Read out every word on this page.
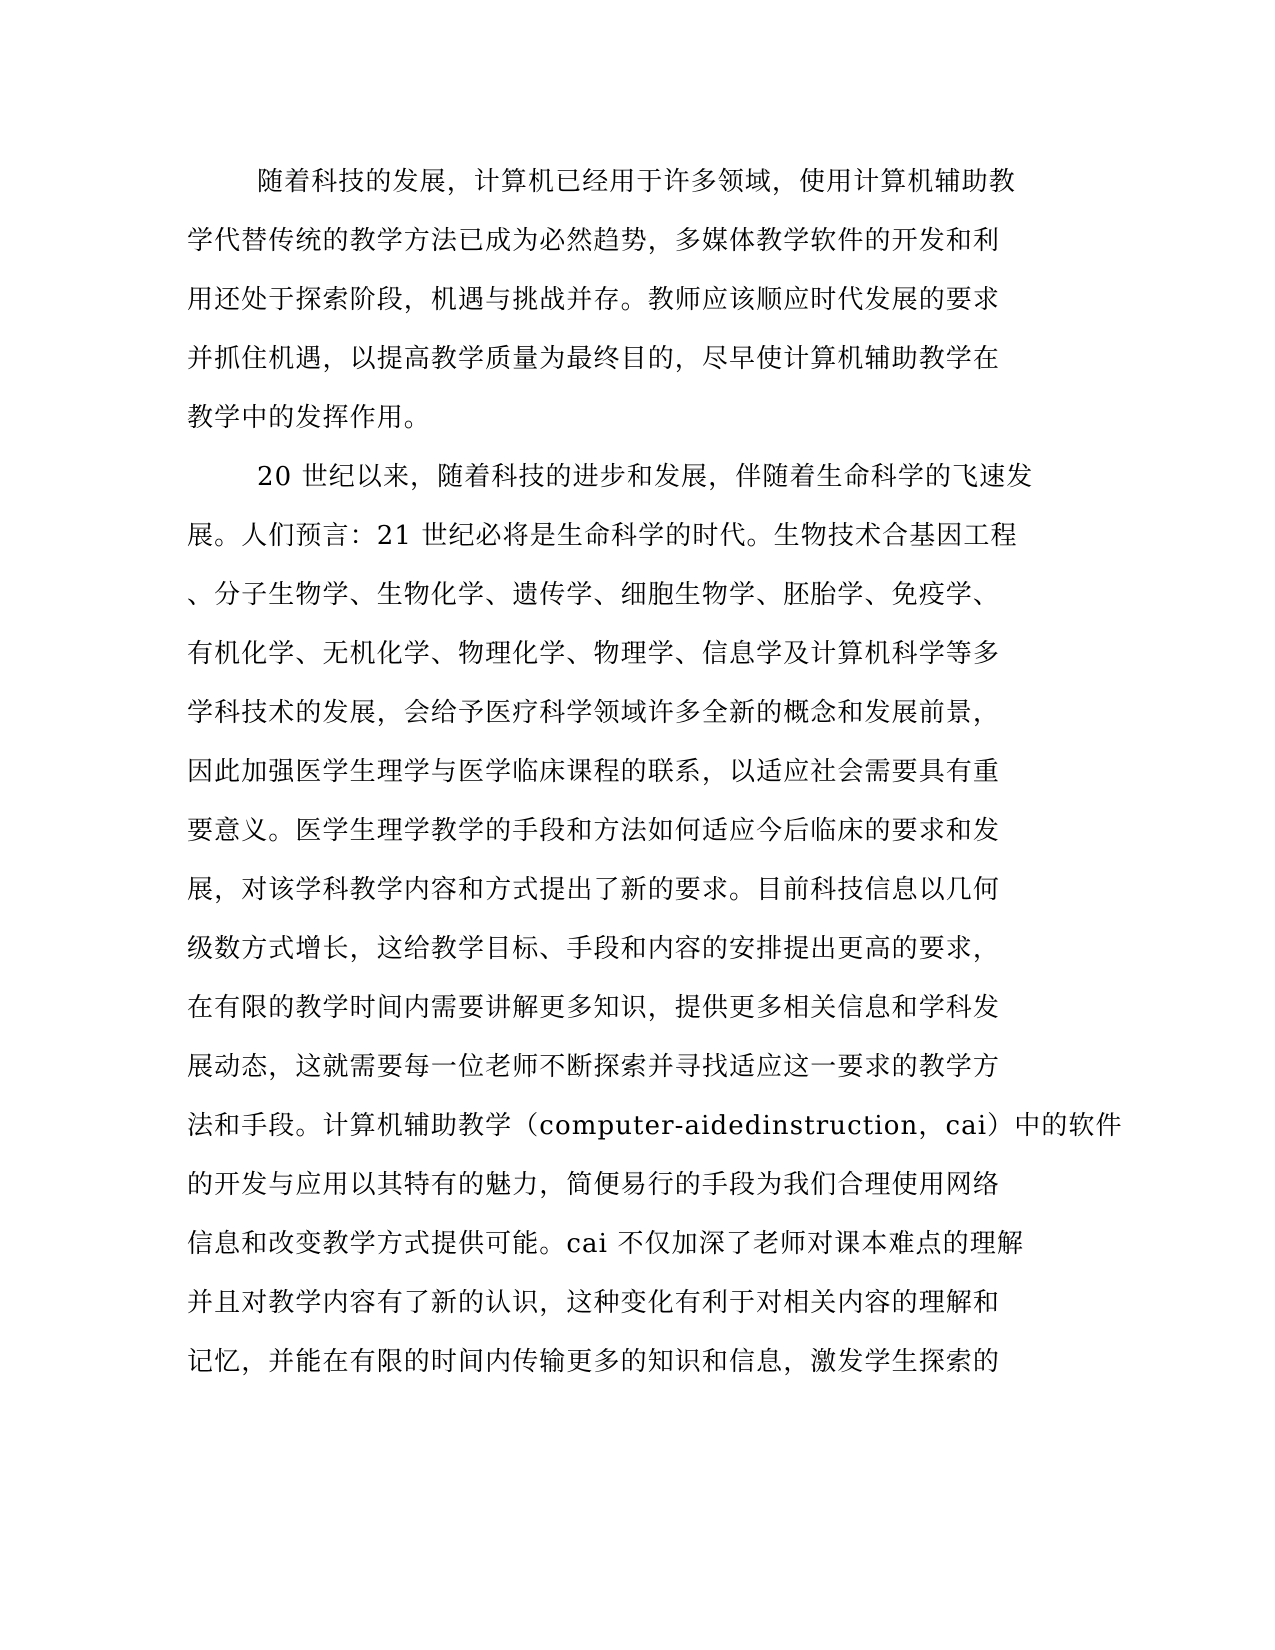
随着科技的发展，计算机已经用于许多领域，使用计算机辅助教
学代替传统的教学方法已成为必然趋势，多媒体教学软件的开发和利
用还处于探索阶段，机遇与挑战并存。教师应该顺应时代发展的要求
并抓住机遇，以提高教学质量为最终目的，尽早使计算机辅助教学在
教学中的发挥作用。
20 世纪以来，随着科技的进步和发展，伴随着生命科学的飞速发
展。人们预言：21 世纪必将是生命科学的时代。生物技术合基因工程
、分子生物学、生物化学、遗传学、细胞生物学、胚胎学、免疫学、
有机化学、无机化学、物理化学、物理学、信息学及计算机科学等多
学科技术的发展，会给予医疗科学领域许多全新的概念和发展前景，
因此加强医学生理学与医学临床课程的联系，以适应社会需要具有重
要意义。医学生理学教学的手段和方法如何适应今后临床的要求和发
展，对该学科教学内容和方式提出了新的要求。目前科技信息以几何
级数方式增长，这给教学目标、手段和内容的安排提出更高的要求，
在有限的教学时间内需要讲解更多知识，提供更多相关信息和学科发
展动态，这就需要每一位老师不断探索并寻找适应这一要求的教学方
法和手段。计算机辅助教学（computer-aidedinstruction，cai）中的软件
的开发与应用以其特有的魅力，简便易行的手段为我们合理使用网络
信息和改变教学方式提供可能。cai 不仅加深了老师对课本难点的理解
并且对教学内容有了新的认识，这种变化有利于对相关内容的理解和
记忆，并能在有限的时间内传输更多的知识和信息，激发学生探索的
